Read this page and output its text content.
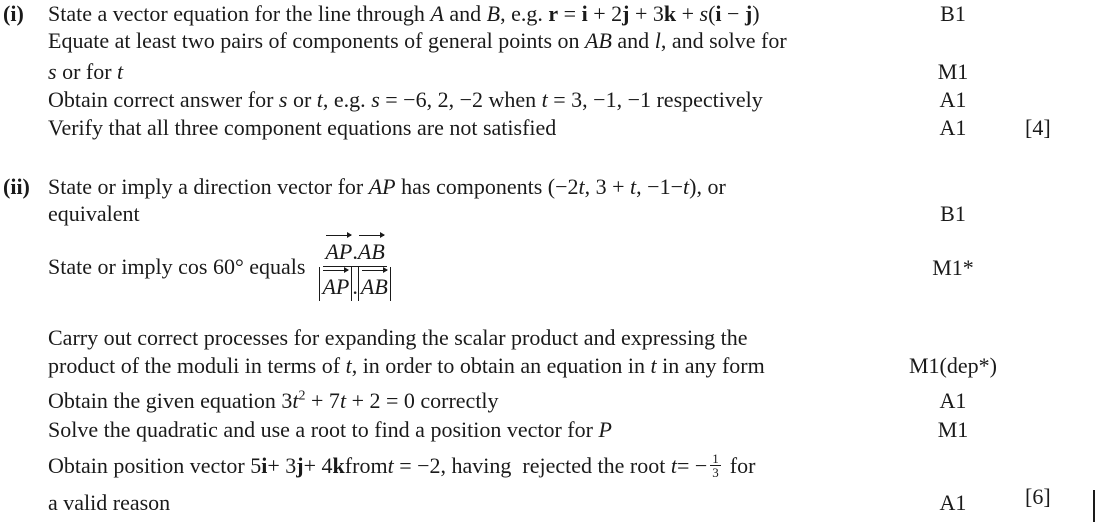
(i) State a vector equation for the line through A and B, e.g. r = i + 2j + 3k + s(i − j)
Equate at least two pairs of components of general points on AB and l, and solve for
s or for t
Obtain correct answer for s or t, e.g. s = −6, 2, −2 when t = 3, −1, −1 respectively
Verify that all three component equations are not satisfied
B1
M1
A1
A1	[4]
(ii) State or imply a direction vector for AP has components (−2t, 3 + t, −1−t), or
equivalent
State or imply cos 60° equals $\frac{AP.AB}{AP . AB}$
Carry out correct processes for expanding the scalar product and expressing the
product of the moduli in terms of t, in order to obtain an equation in t in any form
Obtain the given equation $3t^2 + 7t + 2 = 0$ correctly
Solve the quadratic and use a root to find a position vector for P
Obtain position vector 5 i + 3 j + 4 k from t = −2, having  rejected the root t = − $\frac{1}{3}$ for
a valid reason
B1
M1*
M1(dep*)
A1
M1
A1	[6]
